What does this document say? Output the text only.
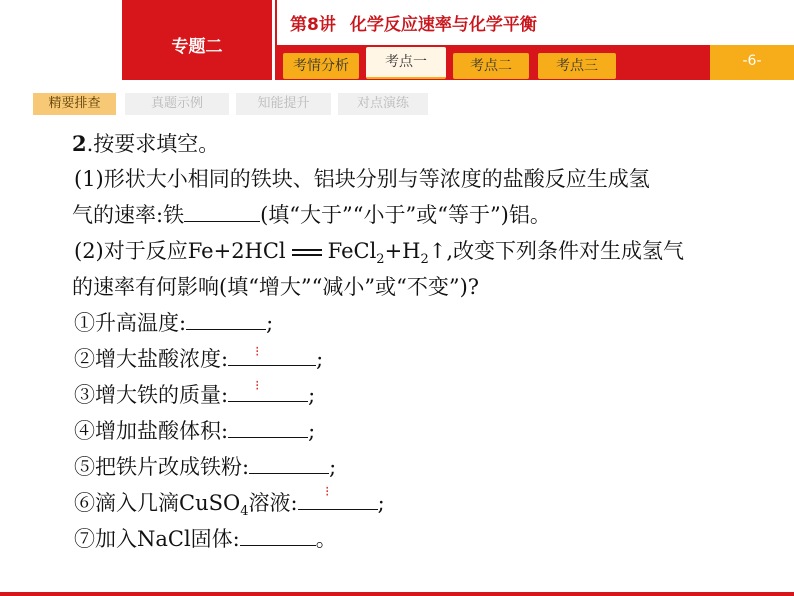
专题二
第8讲 化学反应速率与化学平衡
考情分析	考点一	考点二	考点三	-6-
精要排查	真题示例	知能提升	对点演练
2.按要求填空。
(1)形状大小相同的铁块、铝块分别与等浓度的盐酸反应生成氢
气的速率:铁	(填“大于”“小于”或“等于”)铝。
(2)对于反应Fe+2HCl $FeCl_2+H_2↑$,改变下列条件对生成氢气
的速率有何影响(填“增大”“减小”或“不变”)?
①升高温度:	;
②增大盐酸浓度:	;
③增大铁的质量:	;
④增加盐酸体积:	;
⑤把铁片改成铁粉:	;
⑥滴入几滴CuSO$_4$溶液:	;
⑦加入NaCl固体:	。
⁝
⁝
⁝
